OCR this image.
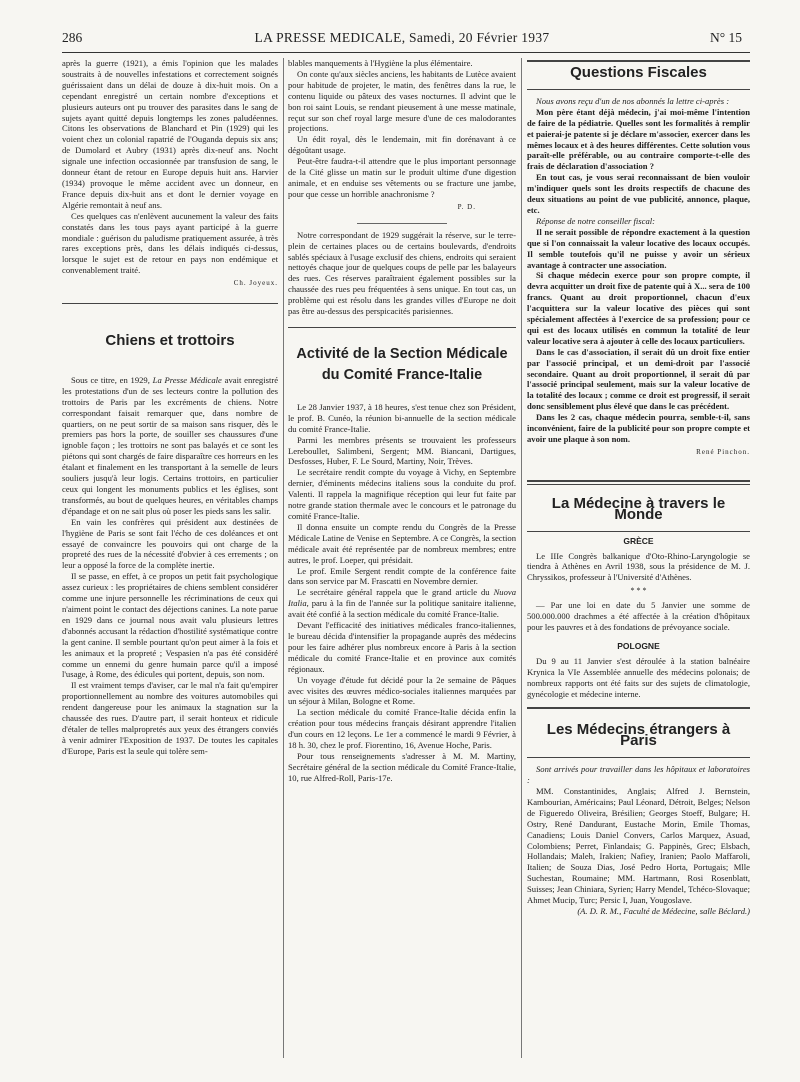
286	LA PRESSE MEDICALE, Samedi, 20 Février 1937	N° 15

après la guerre (1921), a émis l'opinion que les malades soustraits à de nouvelles infestations et correctement soignés guérissaient dans un délai de douze à dix-huit mois. On a cependant enregistré un certain nombre d'exceptions et plusieurs auteurs ont pu trouver des parasites dans le sang de sujets ayant quitté depuis longtemps les zones paludéennes. Citons les observations de Blanchard et Pin (1929) qui les voient chez un colonial rapatrié de l'Ouganda depuis six ans; de Dumolard et Aubry (1931) après dix-neuf ans. Nocht signale une infection occasionnée par transfusion de sang, le donneur étant de retour en Europe depuis huit ans. Harvier (1934) provoque le même accident avec un donneur, en France depuis dix-huit ans et dont le dernier voyage en Algérie remontait à neuf ans.

Ces quelques cas n'enlèvent aucunement la valeur des faits constatés dans les tous pays ayant participé à la guerre mondiale : guérison du paludisme pratiquement assurée, à très rares exceptions près, dans les délais indiqués ci-dessus, lorsque le sujet est de retour en pays non endémique et convenablement traité.

Ch. Joyeux.
Chiens et trottoirs

Sous ce titre, en 1929, La Presse Médicale avait enregistré les protestations d'un de ses lecteurs contre la pollution des trottoirs de Paris par les excréments de chiens. Notre correspondant faisait remarquer que, dans nombre de quartiers, on ne peut sortir de sa maison sans risquer, dès le premiers pas hors la porte, de souiller ses chaussures d'une ignoble façon ; les trottoirs ne sont pas balayés et ce sont les piétons qui sont chargés de faire disparaître ces horreurs en les étalant et finalement en les transportant à la semelle de leurs souliers jusqu'à leur logis. Certains trottoirs, en particulier ceux qui longent les monuments publics et les églises, sont transformés, au bout de quelques heures, en véritables champs d'épandage et on ne sait plus où poser les pieds sans les salir.

En vain les confrères qui président aux destinées de l'hygiène de Paris se sont fait l'écho de ces doléances et ont essayé de convaincre les pouvoirs qui ont charge de la propreté des rues de la nécessité d'obvier à ces errements ; on leur a opposé la force de la complète inertie.

Il se passe, en effet, à ce propos un petit fait psychologique assez curieux : les propriétaires de chiens semblent considérer comme une injure personnelle les récriminations de ceux qui n'aiment point le contact des déjections canines. La note parue en 1929 dans ce journal nous avait valu plusieurs lettres d'abonnés accusant la rédaction d'hostilité systématique contre la gent canine. Il semble pourtant qu'on peut aimer à la fois et les animaux et la propreté ; Vespasien n'a pas été considéré comme un ennemi du genre humain parce qu'il a imposé l'usage, à Rome, des édicules qui portent, depuis, son nom.

Il est vraiment temps d'aviser, car le mal n'a fait qu'empirer proportionnellement au nombre des voitures automobiles qui rendent dangereuse pour les animaux la stagnation sur la chaussée des rues. D'autre part, il serait honteux et ridicule d'étaler de telles malpropretés aux yeux des étrangers conviés à venir admirer l'Exposition de 1937. De toutes les capitales d'Europe, Paris est la seule qui tolère sem-

blables manquements à l'Hygiène la plus élémentaire.

On conte qu'aux siècles anciens, les habitants de Lutèce avaient pour habitude de projeter, le matin, des fenêtres dans la rue, le contenu liquide ou pâteux des vases nocturnes. Il advint que le bon roi saint Louis, se rendant pieusement à une messe matinale, reçut sur son chef royal large mesure d'une de ces malodorantes projections.

Un édit royal, dès le lendemain, mit fin dorénavant à ce dégoûtant usage.

Peut-être faudra-t-il attendre que le plus important personnage de la Cité glisse un matin sur le produit ultime d'une digestion animale, et en enduise ses vêtements ou se fracture une jambe, pour que cesse un horrible anachronisme ?

P. D.

Notre correspondant de 1929 suggérait la réserve, sur le terre-plein de certaines places ou de certains boulevards, d'endroits sablés spéciaux à l'usage exclusif des chiens, endroits qui seraient nettoyés chaque jour de quelques coups de pelle par les balayeurs des rues. Ces réserves paraîtraient également possibles sur la chaussée des rues peu fréquentées à sens unique. En tout cas, un problème qui est résolu dans les grandes villes d'Europe ne doit pas être au-dessus des perspicacités parisiennes.

Activité de la Section Médicale du Comité France-Italie

Le 28 Janvier 1937, à 18 heures, s'est tenue chez son Président, le prof. B. Cunéo, la réunion bi-annuelle de la section médicale du comité France-Italie.

Parmi les membres présents se trouvaient les professeurs Lereboullet, Salimbeni, Sergent; MM. Biancani, Dartigues, Desfosses, Huber, F. Le Sourd, Martiny, Noir, Trèves.

Le secrétaire rendit compte du voyage à Vichy, en Septembre dernier, d'éminents médecins italiens sous la conduite du prof. Valenti. Il rappela la magnifique réception qui leur fut faite par notre grande station thermale avec le concours et le patronage du comité France-Italie.

Il donna ensuite un compte rendu du Congrès de la Presse Médicale Latine de Venise en Septembre. A ce Congrès, la section médicale avait été représentée par de nombreux membres; entre autres, le prof. Loeper, qui présidait.

Le prof. Emile Sergent rendit compte de la conférence faite dans son service par M. Frascatti en Novembre dernier.

Le secrétaire général rappela que le grand article du Nuova Italia, paru à la fin de l'année sur la politique sanitaire italienne, avait été confié à la section médicale du comité France-Italie.

Devant l'efficacité des initiatives médicales franco-italiennes, le bureau décida d'intensifier la propagande auprès des médecins pour les faire adhérer plus nombreux encore à Paris à la section médicale du comité France-Italie et en province aux comités régionaux.

Un voyage d'étude fut décidé pour la 2e semaine de Pâques avec visites des œuvres médico-sociales italiennes marquées par un séjour à Milan, Bologne et Rome.

La section médicale du comité France-Italie décida enfin la création pour tous médecins français désirant apprendre l'italien d'un cours en 12 leçons. Le 1er a commencé le mardi 9 Février, à 18 h. 30, chez le prof. Fiorentino, 16, Avenue Hoche, Paris.

Pour tous renseignements s'adresser à M. M. Martiny, Secrétaire général de la section médicale du Comité France-Italie, 10, rue Alfred-Roll, Paris-17e.

Questions Fiscales

Nous avons reçu d'un de nos abonnés la lettre ci-après :

Mon père étant déjà médecin, j'ai moi-même l'intention de faire de la pédiatrie. Quelles sont les formalités à remplir et paierai-je patente si je déclare m'associer, exercer dans les mêmes locaux et à des heures différentes. Cette solution vous paraît-elle préférable, ou au contraire comporte-t-elle des frais de déclaration d'association ?

En tout cas, je vous serai reconnaissant de bien vouloir m'indiquer quels sont les droits respectifs de chacune des deux situations au point de vue publicité, annonce, plaque, etc.

Réponse de notre conseiller fiscal:

Il ne serait possible de répondre exactement à la question que si l'on connaissait la valeur locative des locaux occupés. Il semble toutefois qu'il ne puisse y avoir un sérieux avantage à contracter une association.

Si chaque médecin exerce pour son propre compte, il devra acquitter un droit fixe de patente qui à X... sera de 100 francs. Quant au droit proportionnel, chacun d'eux l'acquittera sur la valeur locative des pièces qui sont spécialement affectées à l'exercice de sa profession; pour ce qui est des locaux utilisés en commun la totalité de leur valeur locative sera à ajouter à celle des locaux particuliers.

Dans le cas d'association, il serait dû un droit fixe entier par l'associé principal, et un demi-droit par l'associé secondaire. Quant au droit proportionnel, il serait dû par l'associé principal seulement, mais sur la valeur locative de la totalité des locaux ; comme ce droit est progressif, il serait donc sensiblement plus élevé que dans le cas précédent.

Dans les 2 cas, chaque médecin pourra, semble-t-il, sans inconvénient, faire de la publicité pour son propre compte et avoir une plaque à son nom.

René Pinchon.
La Médecine à travers le Monde
GRÈCE

Le IIIe Congrès balkanique d'Oto-Rhino-Laryngologie se tiendra à Athènes en Avril 1938, sous la présidence de M. J. Chryssikos, professeur à l'Université d'Athènes.

* * *

— Par une loi en date du 5 Janvier une somme de 500.000.000 drachmes a été affectée à la création d'hôpitaux pour les pauvres et à des fondations de prévoyance sociale.

POLOGNE

Du 9 au 11 Janvier s'est déroulée à la station balnéaire Krynica la VIe Assemblée annuelle des médecins polonais; de nombreux rapports ont été faits sur des sujets de climatologie, gynécologie et médecine interne.

Les Médecins étrangers à Paris

Sont arrivés pour travailler dans les hôpitaux et laboratoires :

MM. Constantinides, Anglais; Alfred J. Bernstein, Kambourian, Américains; Paul Léonard, Détroit, Belges; Nelson de Figueredo Oliveira, Brésilien; Georges Stoeff, Bulgare; H. Ostry, René Dandurant, Eustache Morin, Emile Thomas, Canadiens; Louis Daniel Convers, Carlos Marquez, Asuad, Colombiens; Perret, Finlandais; G. Pappinès, Grec; Elsbach, Hollandais; Maleh, Irakien; Nafiey, Iranien; Paolo Maffaroli, Italien; de Souza Dias, José Pedro Horta, Portugais; Mlle Suchestan, Roumaine; MM. Hartmann, Rosi Rosenblatt, Suisses; Jean Chiniara, Syrien; Harry Mendel, Tchéco-Slovaque; Ahmet Mucip, Turc; Persic I, Juan, Yougoslave.

(A. D. R. M., Faculté de Médecine, salle Béclard.)
